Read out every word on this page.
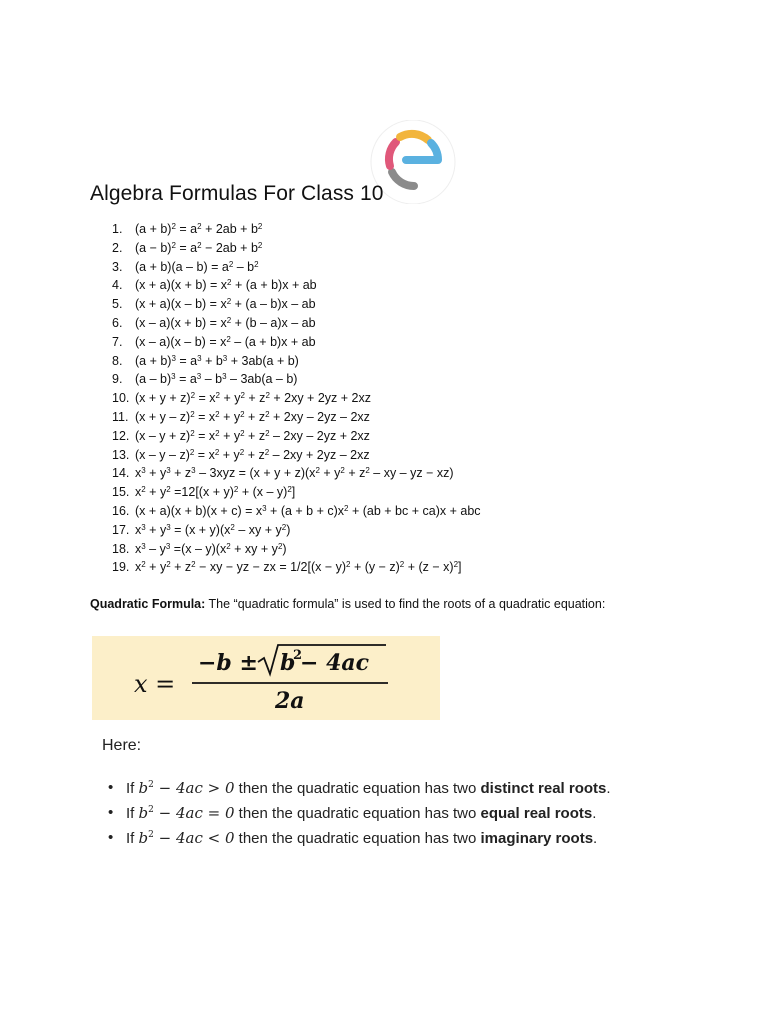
Algebra Formulas For Class 10
1. $(a + b)^2 = a^2 + 2ab + b^2$
2. $(a - b)^2 = a^2 - 2ab + b^2$
3. $(a + b)(a - b) = a^2 - b^2$
4. $(x + a)(x + b) = x^2 + (a + b)x$ + ab
5. $(x + a)(x - b) = x^2 + (a - b)x$ – ab
6. $(x - a)(x + b) = x^2 + (b - a)x$ – ab
7. $(x - a)(x - b) = x^2 - (a + b)x$ + ab
8. $(a + b)^3 = a^3 + b^3 + 3ab(a + b)$
9. $(a - b)^3 = a^3 - b^3 - 3ab(a - b)$
10. $(x + y + z)^2 = x^2 + y^2 + z^2 + 2xy + 2yz + 2xz$
11. $(x + y - z)^2 = x^2 + y^2 + z^2 + 2xy - 2yz - 2xz$
12. $(x - y + z)^2 = x^2 + y^2 + z^2 - 2xy - 2yz + 2xz$
13. $(x - y - z)^2 = x^2 + y^2 + z^2 - 2xy + 2yz - 2xz$
14. $x^3 + y^3 + z^3 - 3xyz = (x + y + z)(x^2 + y^2 + z^2$ – xy – yz − xz)
15. $x^2 + y^2 =12[(x + y)^2 + (x - y)^2]$
16. $(x + a)(x + b)(x + c) = x^3 + (a + b + c)x^2 + (ab$ + bc + ca)x + abc
17. $x^3 + y^3 = (x + y)(x^2$ – xy + $y^2$)
18. $x^3 - y^3 =(x - y)(x^2$ + xy + $y^2$)
19. $x^2 + y^2 + z^2$ − xy − yz − zx = $1/2[(x - y)^2 + (y - z)^2 + (z - x)^2]$
Quadratic Formula: The “quadratic formula” is used to find the roots of a quadratic equation:
x =
−b ± b
2
− 4ac
2a
Here:
• If $b^2 - 4ac > 0$ then the quadratic equation has two distinct real roots.
• If $b^2 - 4ac = 0$ then the quadratic equation has two equal real roots.
• If $b^2 - 4ac < 0$ then the quadratic equation has two imaginary roots.
